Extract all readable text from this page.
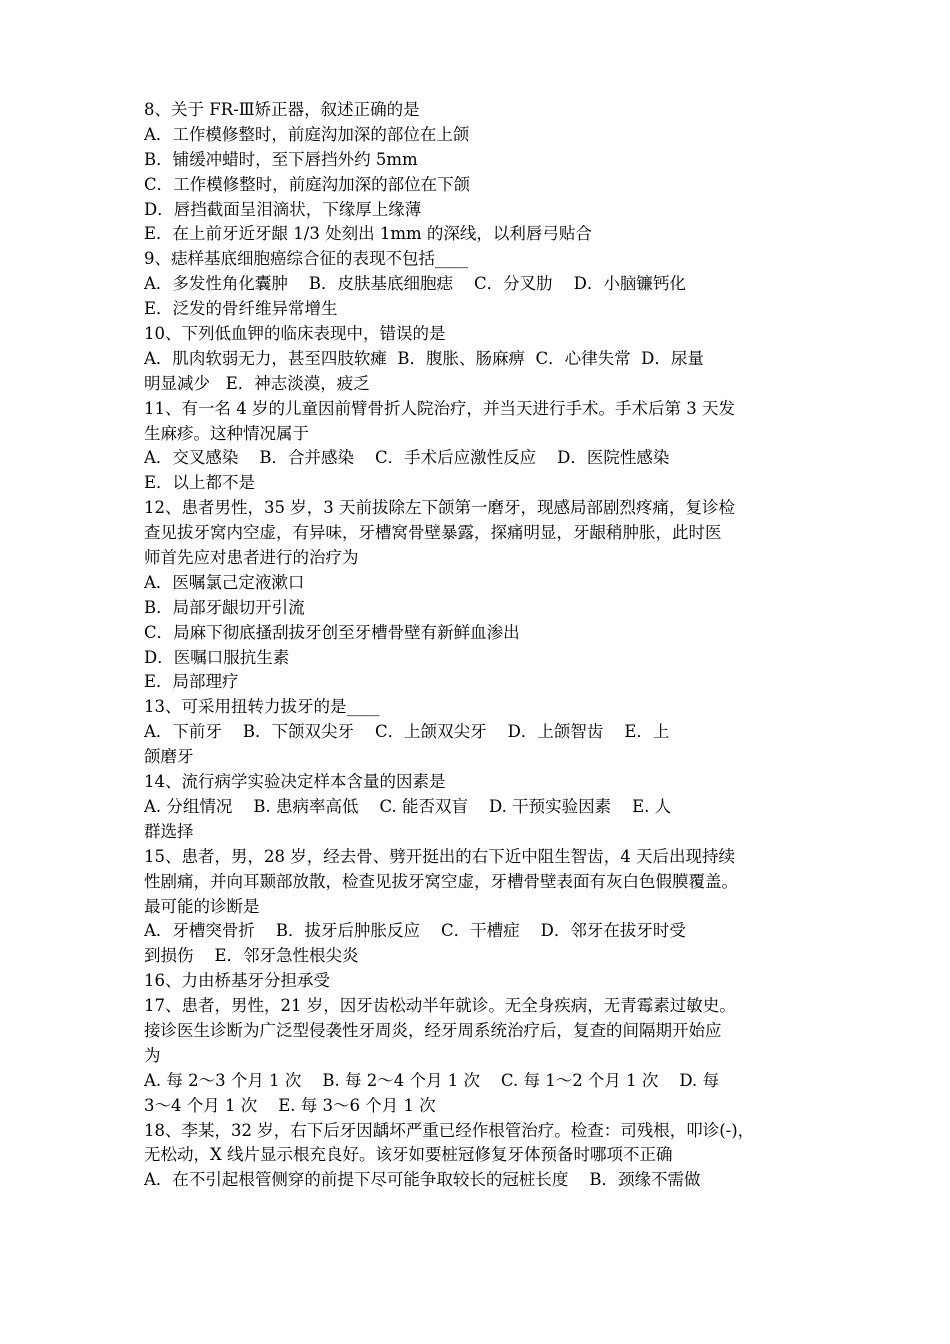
8、关于 FR-Ⅲ矫正器，叙述正确的是
A．工作模修整时，前庭沟加深的部位在上颌
B．铺缓冲蜡时，至下唇挡外约 5mm
C．工作模修整时，前庭沟加深的部位在下颌
D．唇挡截面呈泪滴状，下缘厚上缘薄
E．在上前牙近牙龈 1/3 处刻出 1mm 的深线，以利唇弓贴合
9、痣样基底细胞癌综合征的表现不包括____
A．多发性角化囊肿    B．皮肤基底细胞痣    C．分叉肋    D．小脑镰钙化
E．泛发的骨纤维异常增生
10、下列低血钾的临床表现中，错误的是
A．肌肉软弱无力，甚至四肢软瘫  B．腹胀、肠麻痹  C．心律失常  D．尿量
明显减少   E．神志淡漠，疲乏
11、有一名 4 岁的儿童因前臂骨折人院治疗，并当天进行手术。手术后第 3 天发
生麻疹。这种情况属于
A．交叉感染    B．合并感染    C．手术后应激性反应    D．医院性感染
E．以上都不是
12、患者男性，35 岁，3 天前拔除左下颌第一磨牙，现感局部剧烈疼痛，复诊检
查见拔牙窝内空虚，有异味，牙槽窝骨壁暴露，探痛明显，牙龈稍肿胀，此时医
师首先应对患者进行的治疗为
A．医嘱氯己定液漱口
B．局部牙龈切开引流
C．局麻下彻底搔刮拔牙创至牙槽骨壁有新鲜血渗出
D．医嘱口服抗生素
E．局部理疗
13、可采用扭转力拔牙的是____
A．下前牙    B．下颌双尖牙    C．上颌双尖牙    D．上颌智齿    E．上
颌磨牙
14、流行病学实验决定样本含量的因素是
A. 分组情况    B. 患病率高低    C. 能否双盲    D. 干预实验因素    E. 人
群选择
15、患者，男，28 岁，经去骨、劈开挺出的右下近中阻生智齿，4 天后出现持续
性剧痛，并向耳颞部放散，检查见拔牙窝空虚，牙槽骨壁表面有灰白色假膜覆盖。
最可能的诊断是
A．牙槽突骨折    B．拔牙后肿胀反应    C．干槽症    D．邻牙在拔牙时受
到损伤    E．邻牙急性根尖炎
16、力由桥基牙分担承受
17、患者，男性，21 岁，因牙齿松动半年就诊。无全身疾病，无青霉素过敏史。
接诊医生诊断为广泛型侵袭性牙周炎，经牙周系统治疗后，复查的间隔期开始应
为
A. 每 2～3 个月 1 次    B. 每 2～4 个月 1 次    C. 每 1～2 个月 1 次    D. 每
3～4 个月 1 次    E. 每 3～6 个月 1 次
18、李某，32 岁，右下后牙因龋坏严重已经作根管治疗。检查：司残根，叩诊(-)，
无松动，X 线片显示根充良好。该牙如要桩冠修复牙体预备时哪项不正确
A．在不引起根管侧穿的前提下尽可能争取较长的冠桩长度    B．颈缘不需做
